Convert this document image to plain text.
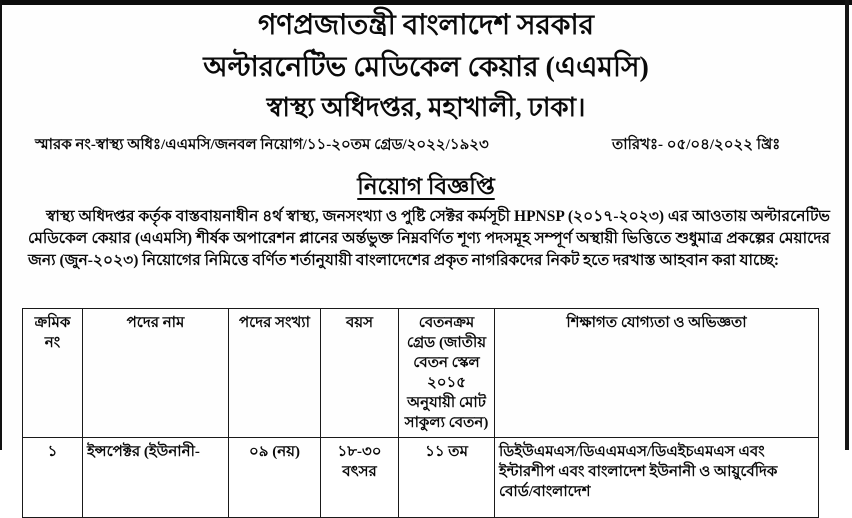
গণপ্রজাতন্ত্রী বাংলাদেশ সরকার
অল্টারনেটিভ মেডিকেল কেয়ার (এএমসি)
স্বাস্থ্য অধিদপ্তর, মহাখালী, ঢাকা।
স্মারক নং-স্বাস্থ্য অধিঃ/এএমসি/জনবল নিয়োগ/১১-২০তম গ্রেড/২০২২/১৯২৩	তারিখঃ- ০৫/০৪/২০২২ খ্রিঃ
নিয়োগ বিজ্ঞপ্তি

স্বাস্থ্য অধিদপ্তর কর্তৃক বাস্তবায়নাধীন ৪র্থ স্বাস্থ্য, জনসংখ্যা ও পুষ্টি সেক্টর কর্মসূচী HPNSP (২০১৭-২০২৩) এর আওতায় অল্টারনেটিভ মেডিকেল কেয়ার (এএমসি) শীর্ষক অপারেশন প্লানের অর্ন্তভুক্ত নিম্নবর্ণিত শূণ্য পদসমূহ সম্পূর্ণ অস্থায়ী ভিত্তিতে শুধুমাত্র প্রকল্পের মেয়াদের জন্য (জুন-২০২৩) নিয়োগের নিমিত্তে বর্ণিত শর্তানুযায়ী বাংলাদেশের প্রকৃত নাগরিকদের নিকট হতে দরখাস্ত আহবান করা যাচ্ছে:

ক্রমিক নং	পদের নাম	পদের সংখ্যা	বয়স	বেতনক্রম গ্রেড (জাতীয় বেতন স্কেল ২০১৫ অনুযায়ী মোট সাকুল্য বেতন)	শিক্ষাগত যোগ্যতা ও অভিজ্ঞতা
১	ইন্সপেক্টর (ইউনানী-	০৯ (নয়)	১৮-৩০ বৎসর	১১ তম	ডিইউএমএস/ডিএএমএস/ডিএইচএমএস এবং ইন্টারশীপ এবং বাংলাদেশ ইউনানী ও আয়ুর্বেদিক বোর্ড/বাংলাদেশ
